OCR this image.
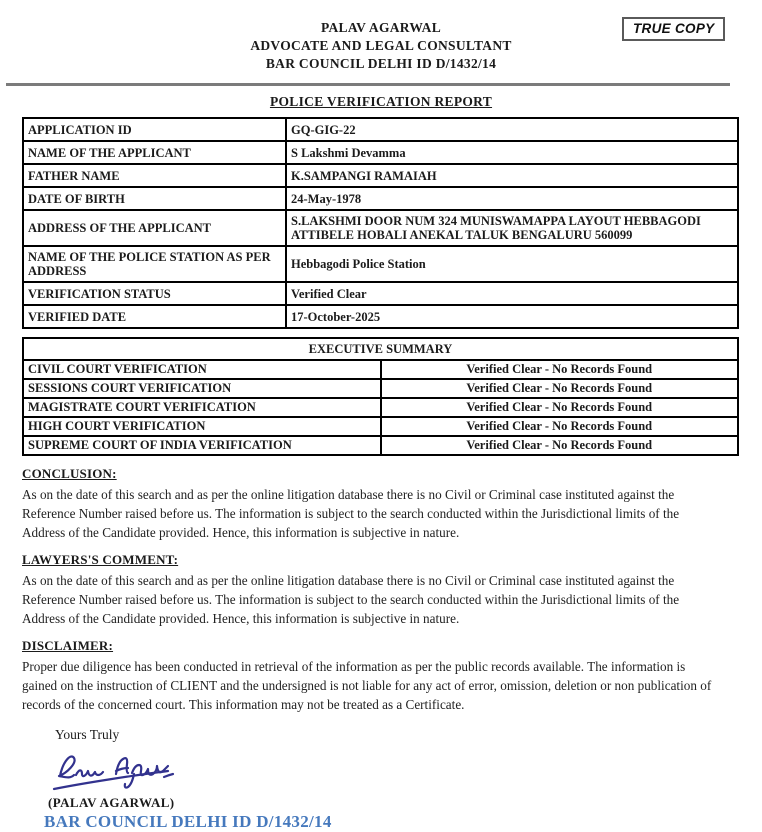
PALAV AGARWAL
ADVOCATE AND LEGAL CONSULTANT
BAR COUNCIL DELHI ID D/1432/14
TRUE COPY
POLICE VERIFICATION REPORT
APPLICATION ID	GQ-GIG-22
NAME OF THE APPLICANT	S Lakshmi Devamma
FATHER NAME	K.SAMPANGI RAMAIAH
DATE OF BIRTH	24-May-1978
ADDRESS OF THE APPLICANT	S.LAKSHMI DOOR NUM 324 MUNISWAMAPPA LAYOUT HEBBAGODI ATTIBELE HOBALI ANEKAL TALUK BENGALURU 560099
NAME OF THE POLICE STATION AS PER ADDRESS	Hebbagodi Police Station
VERIFICATION STATUS	Verified Clear
VERIFIED DATE	17-October-2025
EXECUTIVE SUMMARY	
CIVIL COURT VERIFICATION	Verified Clear - No Records Found
SESSIONS COURT VERIFICATION	Verified Clear - No Records Found
MAGISTRATE COURT VERIFICATION	Verified Clear - No Records Found
HIGH COURT VERIFICATION	Verified Clear - No Records Found
SUPREME COURT OF INDIA VERIFICATION	Verified Clear - No Records Found
CONCLUSION:

As on the date of this search and as per the online litigation database there is no Civil or Criminal case instituted against the Reference Number raised before us. The information is subject to the search conducted within the Jurisdictional limits of the Address of the Candidate provided. Hence, this information is subjective in nature.

LAWYERS'S COMMENT:

As on the date of this search and as per the online litigation database there is no Civil or Criminal case instituted against the Reference Number raised before us. The information is subject to the search conducted within the Jurisdictional limits of the Address of the Candidate provided. Hence, this information is subjective in nature.

DISCLAIMER:

Proper due diligence has been conducted in retrieval of the information as per the public records available. The information is gained on the instruction of CLIENT and the undersigned is not liable for any act of error, omission, deletion or non publication of records of the concerned court. This information may not be treated as a Certificate.

Yours Truly
(PALAV AGARWAL)
BAR COUNCIL DELHI ID D/1432/14
